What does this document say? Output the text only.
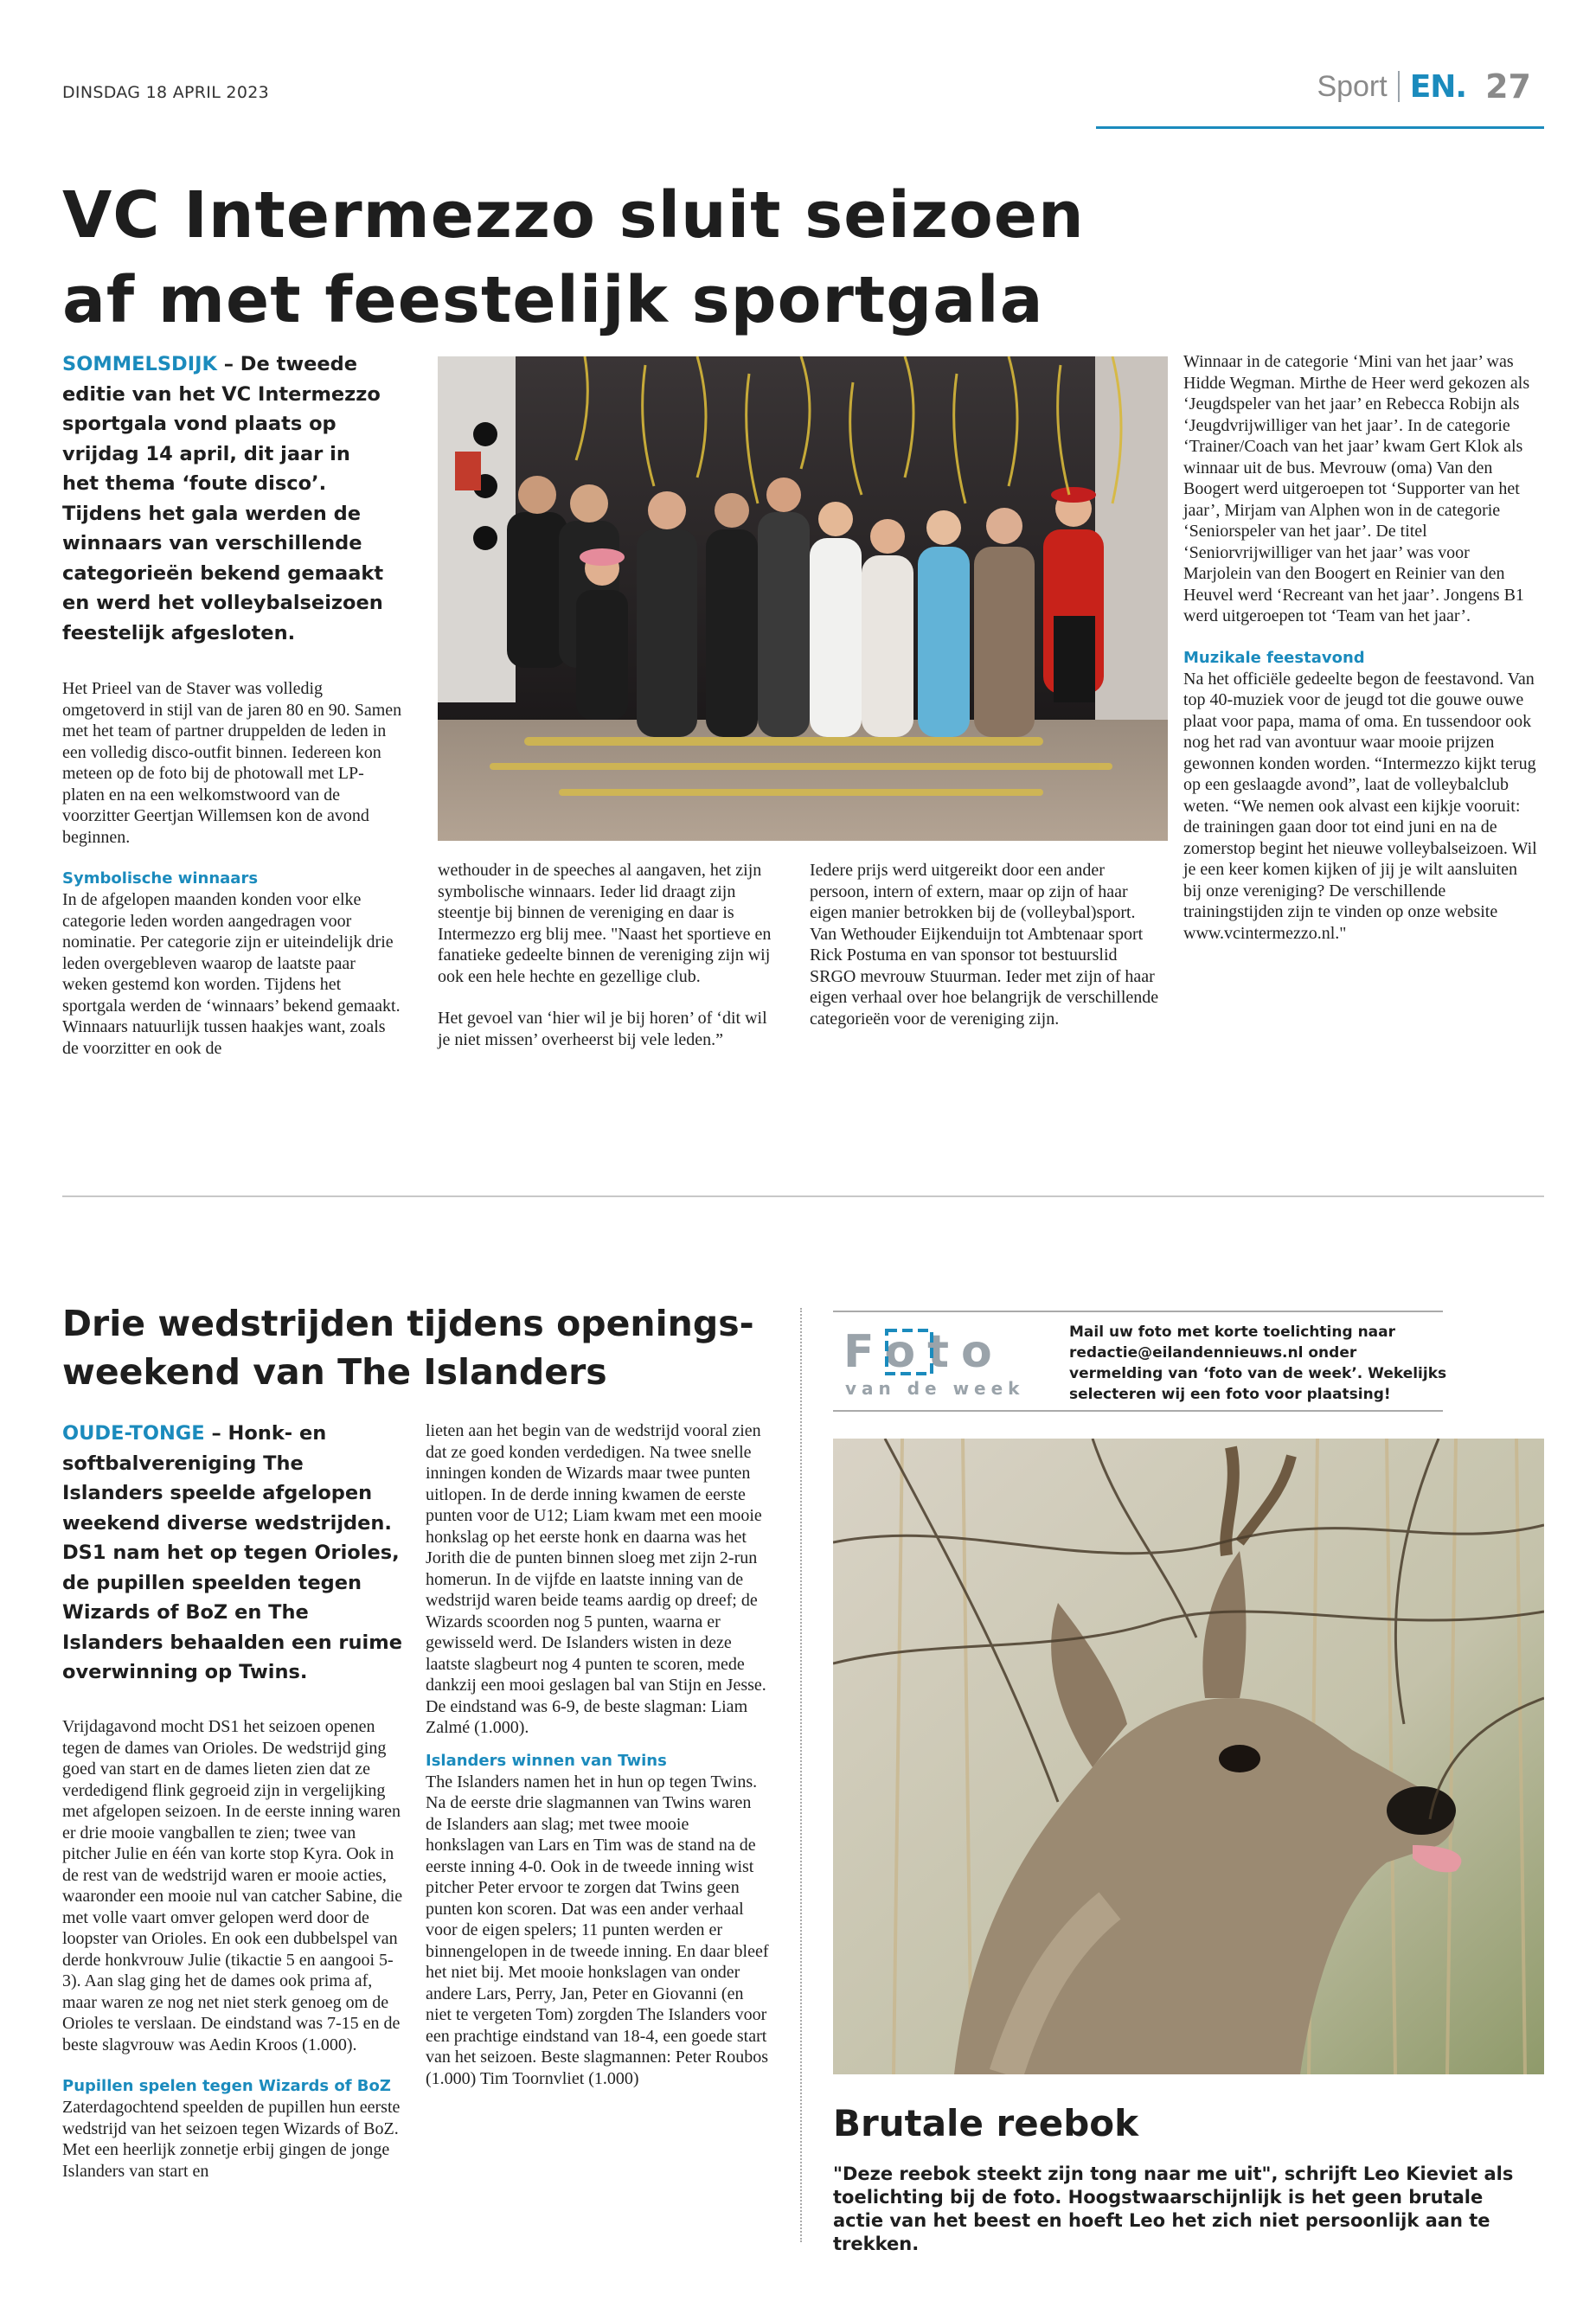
DINSDAG 18 APRIL 2023	Sport EN. 27
VC Intermezzo sluit seizoen
af met feestelijk sportgala
SOMMELSDIJK – De tweede editie van het VC Intermezzo sportgala vond plaats op vrijdag 14 april, dit jaar in het thema ‘foute disco’. Tijdens het gala werden de winnaars van verschillende categorieën bekend gemaakt en werd het volleybalseizoen feestelijk afgesloten.

Het Prieel van de Staver was volledig omgetoverd in stijl van de jaren 80 en 90. Samen met het team of partner druppelden de leden in een volledig disco-outfit binnen. Iedereen kon meteen op de foto bij de photowall met LP-platen en na een welkomstwoord van de voorzitter Geertjan Willemsen kon de avond beginnen.

Symbolische winnaars

In de afgelopen maanden konden voor elke categorie leden worden aangedragen voor nominatie. Per categorie zijn er uiteindelijk drie leden overgebleven waarop de laatste paar weken gestemd kon worden. Tijdens het sportgala werden de ‘winnaars’ bekend gemaakt. Winnaars natuurlijk tussen haakjes want, zoals de voorzitter en ook de

wethouder in de speeches al aangaven, het zijn symbolische winnaars. Ieder lid draagt zijn steentje bij binnen de vereniging en daar is Intermezzo erg blij mee. "Naast het sportieve en fanatieke gedeelte binnen de vereniging zijn wij ook een hele hechte en gezellige club.

Het gevoel van ‘hier wil je bij horen’ of ‘dit wil je niet missen’ overheerst bij vele leden.”

Iedere prijs werd uitgereikt door een ander persoon, intern of extern, maar op zijn of haar eigen manier betrokken bij de (volleybal)sport. Van Wethouder Eijkenduijn tot Ambtenaar sport Rick Postuma en van sponsor tot bestuurslid SRGO mevrouw Stuurman. Ieder met zijn of haar eigen verhaal over hoe belangrijk de verschillende categorieën voor de vereniging zijn.

Winnaar in de categorie ‘Mini van het jaar’ was Hidde Wegman. Mirthe de Heer werd gekozen als ‘Jeugdspeler van het jaar’ en Rebecca Robijn als ‘Jeugdvrijwilliger van het jaar’. In de categorie ‘Trainer/Coach van het jaar’ kwam Gert Klok als winnaar uit de bus. Mevrouw (oma) Van den Boogert werd uitgeroepen tot ‘Supporter van het jaar’, Mirjam van Alphen won in de categorie ‘Seniorspeler van het jaar’. De titel ‘Seniorvrijwilliger van het jaar’ was voor Marjolein van den Boogert en Reinier van den Heuvel werd ‘Recreant van het jaar’. Jongens B1 werd uitgeroepen tot ‘Team van het jaar’.

Muzikale feestavond

Na het officiële gedeelte begon de feestavond. Van top 40-muziek voor de jeugd tot die gouwe ouwe plaat voor papa, mama of oma. En tussendoor ook nog het rad van avontuur waar mooie prijzen gewonnen konden worden. “Intermezzo kijkt terug op een geslaagde avond”, laat de volleybalclub weten. “We nemen ook alvast een kijkje vooruit: de trainingen gaan door tot eind juni en na de zomerstop begint het nieuwe volleybalseizoen. Wil je een keer komen kijken of jij je wilt aansluiten bij onze vereniging? De verschillende trainingstijden zijn te vinden op onze website www.vcintermezzo.nl."

Drie wedstrijden tijdens openings-
weekend van The Islanders
OUDE-TONGE – Honk- en softbalvereniging The Islanders speelde afgelopen weekend diverse wedstrijden. DS1 nam het op tegen Orioles, de pupillen speelden tegen Wizards of BoZ en The Islanders behaalden een ruime overwinning op Twins.

Vrijdagavond mocht DS1 het seizoen openen tegen de dames van Orioles. De wedstrijd ging goed van start en de dames lieten zien dat ze verdedigend flink gegroeid zijn in vergelijking met afgelopen seizoen. In de eerste inning waren er drie mooie vangballen te zien; twee van pitcher Julie en één van korte stop Kyra. Ook in de rest van de wedstrijd waren er mooie acties, waaronder een mooie nul van catcher Sabine, die met volle vaart omver gelopen werd door de loopster van Orioles. En ook een dubbelspel van derde honkvrouw Julie (tikactie 5 en aangooi 5-3). Aan slag ging het de dames ook prima af, maar waren ze nog net niet sterk genoeg om de Orioles te verslaan. De eindstand was 7-15 en de beste slagvrouw was Aedin Kroos (1.000).

Pupillen spelen tegen Wizards of BoZ

Zaterdagochtend speelden de pupillen hun eerste wedstrijd van het seizoen tegen Wizards of BoZ. Met een heerlijk zonnetje erbij gingen de jonge Islanders van start en

lieten aan het begin van de wedstrijd vooral zien dat ze goed konden verdedigen. Na twee snelle inningen konden de Wizards maar twee punten uitlopen. In de derde inning kwamen de eerste punten voor de U12; Liam kwam met een mooie honkslag op het eerste honk en daarna was het Jorith die de punten binnen sloeg met zijn 2-run homerun. In de vijfde en laatste inning van de wedstrijd waren beide teams aardig op dreef; de Wizards scoorden nog 5 punten, waarna er gewisseld werd. De Islanders wisten in deze laatste slagbeurt nog 4 punten te scoren, mede dankzij een mooi geslagen bal van Stijn en Jesse. De eindstand was 6-9, de beste slagman: Liam Zalmé (1.000).

Islanders winnen van Twins

The Islanders namen het in hun op tegen Twins. Na de eerste drie slagmannen van Twins waren de Islanders aan slag; met twee mooie honkslagen van Lars en Tim was de stand na de eerste inning 4-0. Ook in de tweede inning wist pitcher Peter ervoor te zorgen dat Twins geen punten kon scoren. Dat was een ander verhaal voor de eigen spelers; 11 punten werden er binnengelopen in de tweede inning. En daar bleef het niet bij. Met mooie honkslagen van onder andere Lars, Perry, Jan, Peter en Giovanni (en niet te vergeten Tom) zorgden The Islanders voor een prachtige eindstand van 18-4, een goede start van het seizoen. Beste slagmannen: Peter Roubos (1.000) Tim Toornvliet (1.000)

Foto
van de week
Mail uw foto met korte toelichting naar redactie@eilandennieuws.nl onder vermelding van ‘foto van de week’. Wekelijks selecteren wij een foto voor plaatsing!
Brutale reebok
"Deze reebok steekt zijn tong naar me uit", schrijft Leo Kieviet als toelichting bij de foto. Hoogstwaarschijnlijk is het geen brutale actie van het beest en hoeft Leo het zich niet persoonlijk aan te trekken.
